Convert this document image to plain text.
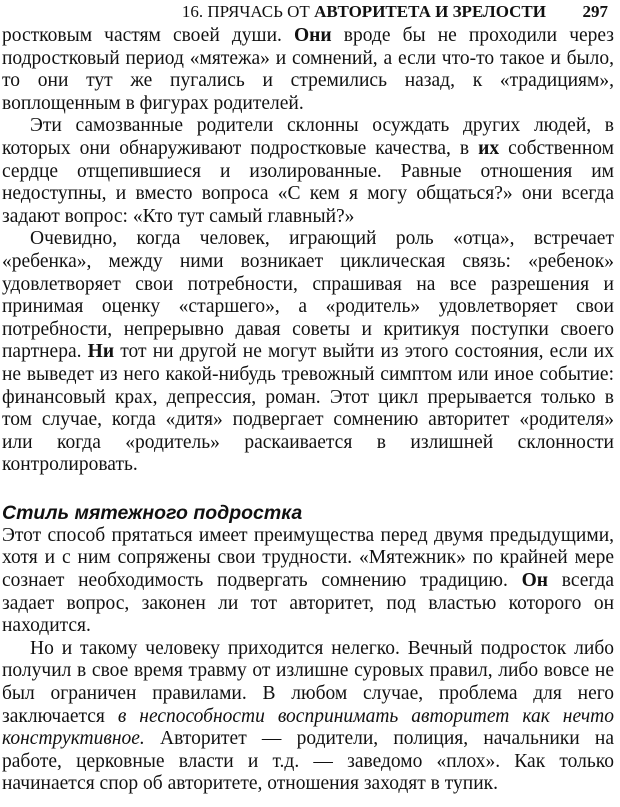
16. ПРЯЧАСЬ ОТ АВТОРИТЕТА И ЗРЕЛОСТИ 297

ростковым частям своей души. Они вроде бы не проходили через подростковый период «мятежа» и сомнений, а если что-то такое и было, то они тут же пугались и стремились назад, к «традициям», воплощенным в фигурах родителей.

Эти самозванные родители склонны осуждать других людей, в которых они обнаруживают подростковые качества, в их собственном сердце отщепившиеся и изолированные. Равные отношения им недоступны, и вместо вопроса «С кем я могу общаться?» они всегда задают вопрос: «Кто тут самый главный?»

Очевидно, когда человек, играющий роль «отца», встречает «ребенка», между ними возникает циклическая связь: «ребенок» удовлетворяет свои потребности, спрашивая на все разрешения и принимая оценку «старшего», а «родитель» удовлетворяет свои потребности, непрерывно давая советы и критикуя поступки своего партнера. Ни тот ни другой не могут выйти из этого состояния, если их не выведет из него какой-нибудь тревожный симптом или иное событие: финансовый крах, депрессия, роман. Этот цикл прерывается только в том случае, когда «дитя» подвергает сомнению авторитет «родителя» или когда «родитель» раскаивается в излишней склонности контролировать.

Стиль мятежного подростка

Этот способ прятаться имеет преимущества перед двумя предыдущими, хотя и с ним сопряжены свои трудности. «Мятежник» по крайней мере сознает необходимость подвергать сомнению традицию. Он всегда задает вопрос, законен ли тот авторитет, под властью которого он находится.

Но и такому человеку приходится нелегко. Вечный подросток либо получил в свое время травму от излишне суровых правил, либо вовсе не был ограничен правилами. В любом случае, проблема для него заключается в неспособности воспринимать авторитет как нечто конструктивное. Авторитет — родители, полиция, начальники на работе, церковные власти и т.д. — заведомо «плох». Как только начинается спор об авторитете, отношения заходят в тупик.
